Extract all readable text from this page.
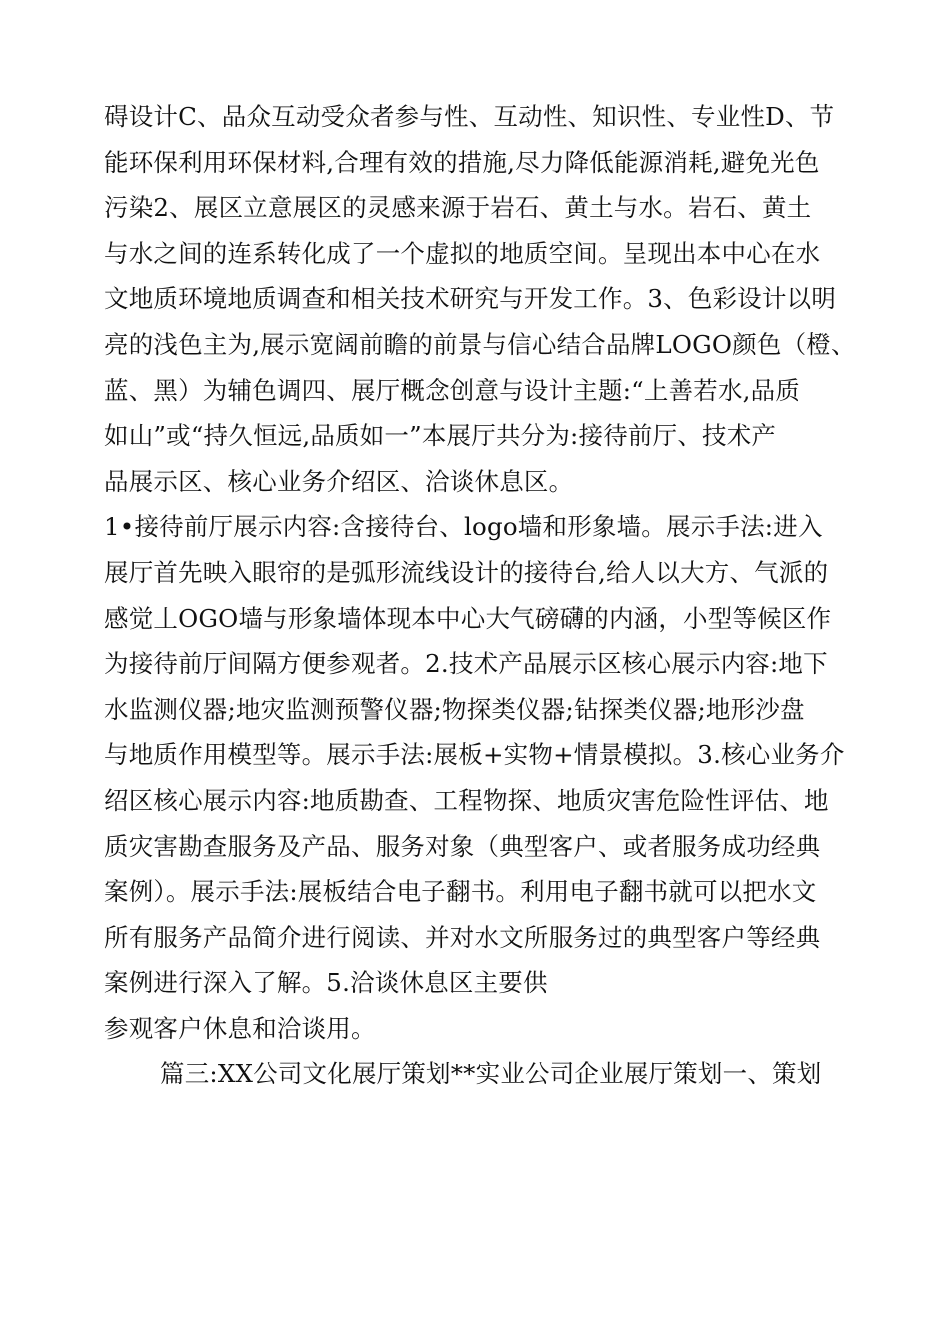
碍设计C、品众互动受众者参与性、互动性、知识性、专业性D、节
能环保利用环保材料,合理有效的措施,尽力降低能源消耗,避免光色
污染2、展区立意展区的灵感来源于岩石、黄土与水。岩石、黄土
与水之间的连系转化成了一个虚拟的地质空间。呈现出本中心在水
文地质环境地质调查和相关技术研究与开发工作。3、色彩设计以明
亮的浅色主为,展示宽阔前瞻的前景与信心结合品牌LOGO颜色（橙、
蓝、黑）为辅色调四、展厅概念创意与设计主题:“上善若水,品质
如山”或“持久恒远,品质如一”本展厅共分为:接待前厅、技术产
品展示区、核心业务介绍区、洽谈休息区。
1•接待前厅展示内容:含接待台、logo墙和形象墙。展示手法:进入
展厅首先映入眼帘的是弧形流线设计的接待台,给人以大方、气派的
感觉丄OGO墙与形象墙体现本中心大气磅礴的内涵，小型等候区作
为接待前厅间隔方便参观者。2.技术产品展示区核心展示内容:地下
水监测仪器;地灾监测预警仪器;物探类仪器;钻探类仪器;地形沙盘
与地质作用模型等。展示手法:展板+实物+情景模拟。3.核心业务介
绍区核心展示内容:地质勘查、工程物探、地质灾害危险性评估、地
质灾害勘查服务及产品、服务对象（典型客户、或者服务成功经典
案例）。展示手法:展板结合电子翻书。利用电子翻书就可以把水文
所有服务产品简介进行阅读、并对水文所服务过的典型客户等经典
案例进行深入了解。5.洽谈休息区主要供
参观客户休息和洽谈用。
篇三:XX公司文化展厅策划**实业公司企业展厅策划一、策划
